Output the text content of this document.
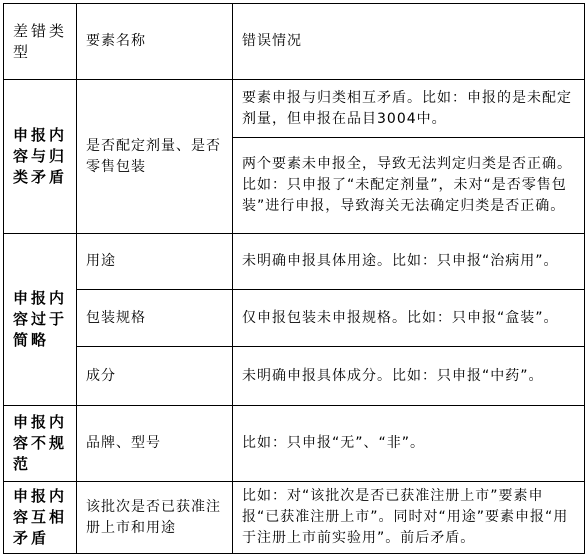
差错类型	要素名称	错误情况
申报内容与归类矛盾	是否配定剂量、是否零售包装	要素申报与归类相互矛盾。比如：申报的是未配定剂量，但申报在品目3004中。
		两个要素未申报全，导致无法判定归类是否正确。比如：只申报了“未配定剂量”，未对“是否零售包装”进行申报，导致海关无法确定归类是否正确。
申报内容过于简略	用途	未明确申报具体用途。比如：只申报“治病用”。
	包装规格	仅申报包装未申报规格。比如：只申报“盒装”。
	成分	未明确申报具体成分。比如：只申报“中药”。
申报内容不规范	品牌、型号	比如：只申报“无”、“非”。
申报内容互相矛盾	该批次是否已获准注册上市和用途	比如：对“该批次是否已获准注册上市”要素申报“已获准注册上市”。同时对“用途”要素申报“用于注册上市前实验用”。前后矛盾。
